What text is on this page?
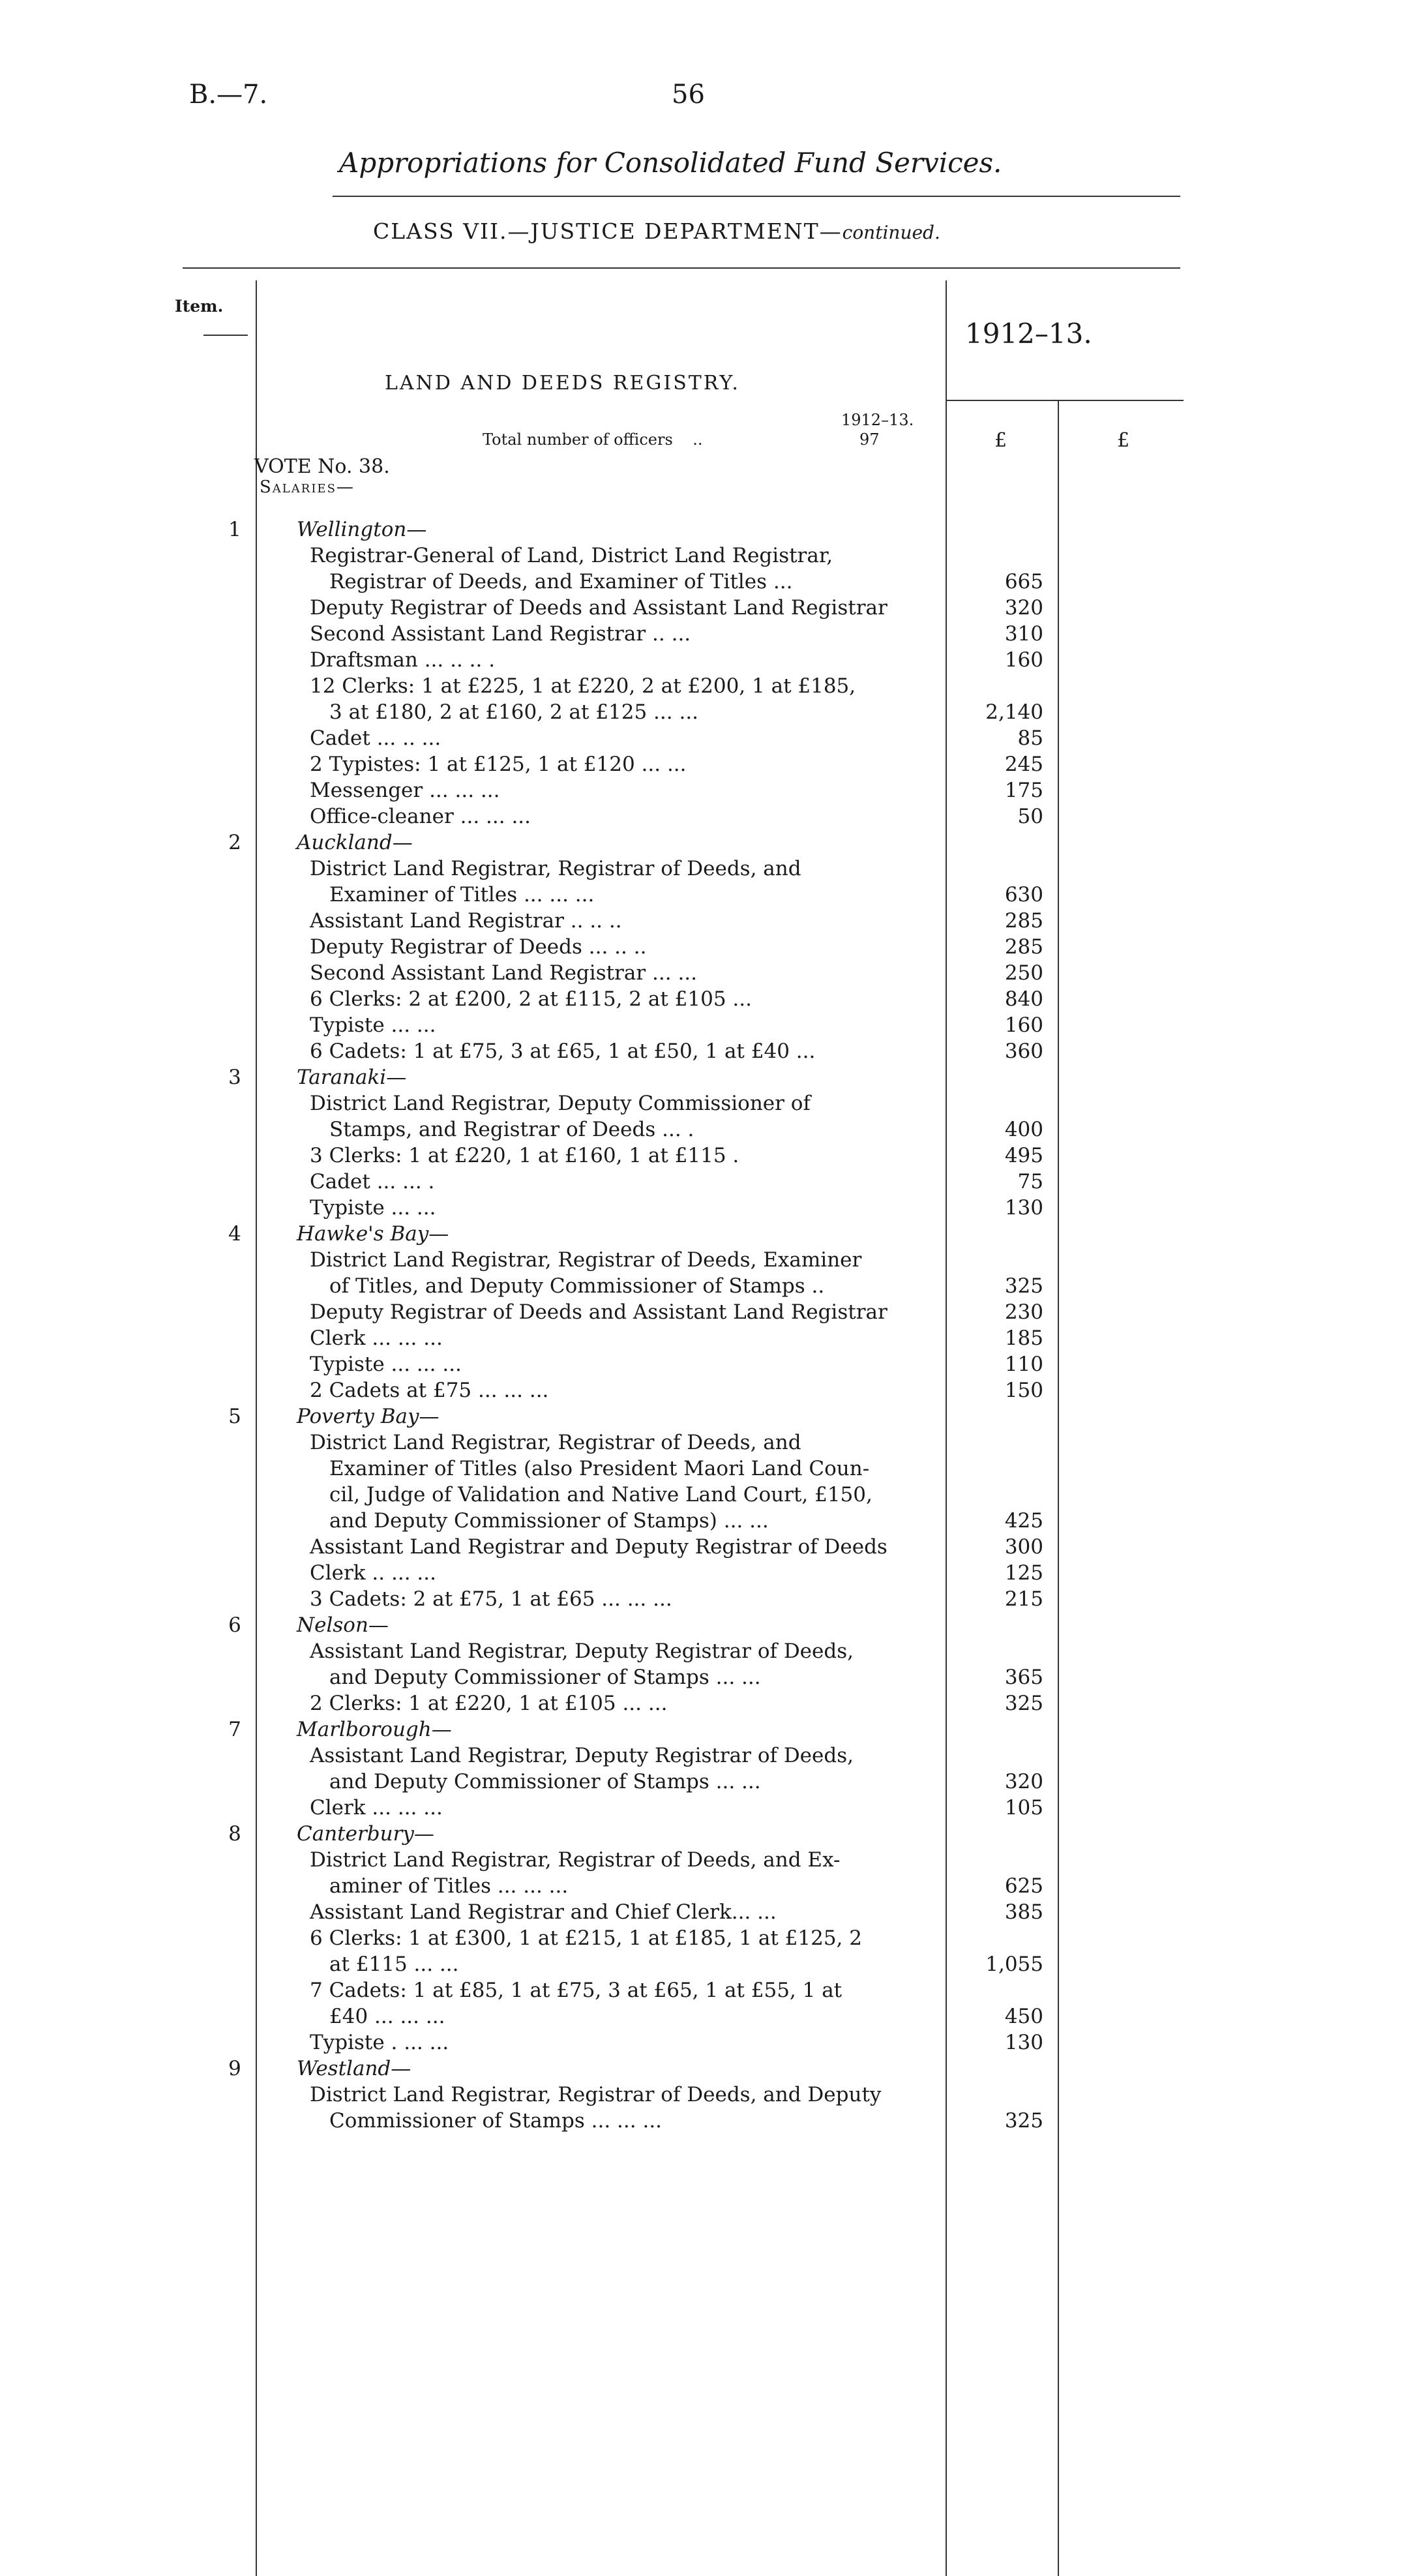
B.—7.	56
Appropriations for Consolidated Fund Services.
CLASS VII.—JUSTICE DEPARTMENT—continued.
Item.
1912–13.
£	£
LAND AND DEEDS REGISTRY.
1912–13.
Total number of officers ..	97
VOTE No. 38.
Salaries—
1	Wellington—
Registrar-General of Land, District Land Registrar,
Registrar of Deeds, and Examiner of Titles ...	665
Deputy Registrar of Deeds and Assistant Land Registrar	320
Second Assistant Land Registrar .. ...	310
Draftsman ... .. .. .	160
12 Clerks: 1 at £225, 1 at £220, 2 at £200, 1 at £185,
3 at £180, 2 at £160, 2 at £125 ... ...	2,140
Cadet ... .. ...	85
2 Typistes: 1 at £125, 1 at £120 ... ...	245
Messenger ... ... ...	175
Office-cleaner ... ... ...	50
2	Auckland—
District Land Registrar, Registrar of Deeds, and
Examiner of Titles ... ... ...	630
Assistant Land Registrar .. .. ..	285
Deputy Registrar of Deeds ... .. ..	285
Second Assistant Land Registrar ... ...	250
6 Clerks: 2 at £200, 2 at £115, 2 at £105 ...	840
Typiste ... ...	160
6 Cadets: 1 at £75, 3 at £65, 1 at £50, 1 at £40 ...	360
3	Taranaki—
District Land Registrar, Deputy Commissioner of
Stamps, and Registrar of Deeds ... .	400
3 Clerks: 1 at £220, 1 at £160, 1 at £115 .	495
Cadet ... ... .	75
Typiste ... ...	130
4	Hawke's Bay—
District Land Registrar, Registrar of Deeds, Examiner
of Titles, and Deputy Commissioner of Stamps ..	325
Deputy Registrar of Deeds and Assistant Land Registrar	230
Clerk ... ... ...	185
Typiste ... ... ...	110
2 Cadets at £75 ... ... ...	150
5	Poverty Bay—
District Land Registrar, Registrar of Deeds, and
Examiner of Titles (also President Maori Land Coun-
cil, Judge of Validation and Native Land Court, £150,
and Deputy Commissioner of Stamps) ... ...	425
Assistant Land Registrar and Deputy Registrar of Deeds	300
Clerk .. ... ...	125
3 Cadets: 2 at £75, 1 at £65 ... ... ...	215
6	Nelson—
Assistant Land Registrar, Deputy Registrar of Deeds,
and Deputy Commissioner of Stamps ... ...	365
2 Clerks: 1 at £220, 1 at £105 ... ...	325
7	Marlborough—
Assistant Land Registrar, Deputy Registrar of Deeds,
and Deputy Commissioner of Stamps ... ...	320
Clerk ... ... ...	105
8	Canterbury—
District Land Registrar, Registrar of Deeds, and Ex-
aminer of Titles ... ... ...	625
Assistant Land Registrar and Chief Clerk... ...	385
6 Clerks: 1 at £300, 1 at £215, 1 at £185, 1 at £125, 2
at £115 ... ...	1,055
7 Cadets: 1 at £85, 1 at £75, 3 at £65, 1 at £55, 1 at
£40 ... ... ...	450
Typiste . ... ...	130
9	Westland—
District Land Registrar, Registrar of Deeds, and Deputy
Commissioner of Stamps ... ... ...	325
